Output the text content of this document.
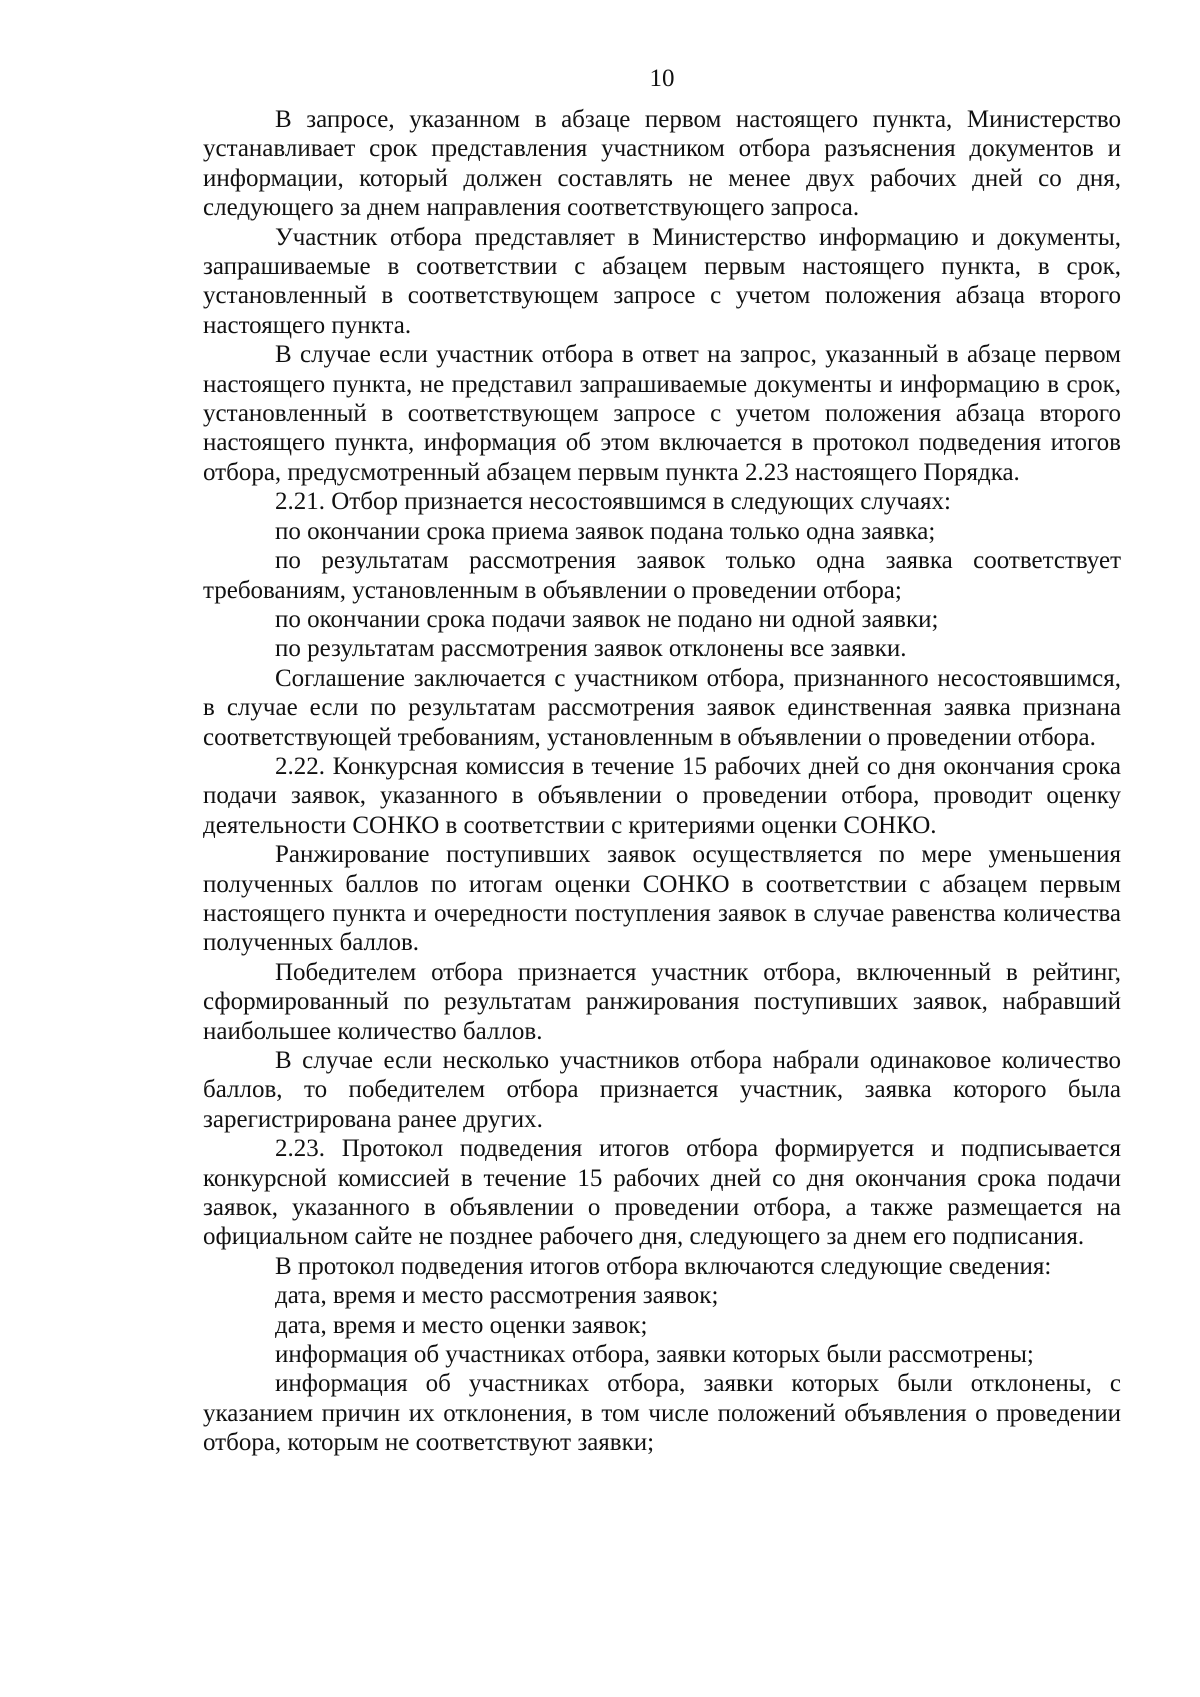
10

В запросе, указанном в абзаце первом настоящего пункта, Министерство устанавливает срок представления участником отбора разъяснения документов и информации, который должен составлять не менее двух рабочих дней со дня, следующего за днем направления соответствующего запроса.

Участник отбора представляет в Министерство информацию и документы, запрашиваемые в соответствии с абзацем первым настоящего пункта, в срок, установленный в соответствующем запросе с учетом положения абзаца второго настоящего пункта.

В случае если участник отбора в ответ на запрос, указанный в абзаце первом настоящего пункта, не представил запрашиваемые документы и информацию в срок, установленный в соответствующем запросе с учетом положения абзаца второго настоящего пункта, информация об этом включается в протокол подведения итогов отбора, предусмотренный абзацем первым пункта 2.23 настоящего Порядка.

2.21. Отбор признается несостоявшимся в следующих случаях:

по окончании срока приема заявок подана только одна заявка;

по результатам рассмотрения заявок только одна заявка соответствует требованиям, установленным в объявлении о проведении отбора;

по окончании срока подачи заявок не подано ни одной заявки;

по результатам рассмотрения заявок отклонены все заявки.

Соглашение заключается с участником отбора, признанного несостоявшимся, в случае если по результатам рассмотрения заявок единственная заявка признана соответствующей требованиям, установленным в объявлении о проведении отбора.

2.22. Конкурсная комиссия в течение 15 рабочих дней со дня окончания срока подачи заявок, указанного в объявлении о проведении отбора, проводит оценку деятельности СОНКО в соответствии с критериями оценки СОНКО.

Ранжирование поступивших заявок осуществляется по мере уменьшения полученных баллов по итогам оценки СОНКО в соответствии с абзацем первым настоящего пункта и очередности поступления заявок в случае равенства количества полученных баллов.

Победителем отбора признается участник отбора, включенный в рейтинг, сформированный по результатам ранжирования поступивших заявок, набравший наибольшее количество баллов.

В случае если несколько участников отбора набрали одинаковое количество баллов, то победителем отбора признается участник, заявка которого была зарегистрирована ранее других.

2.23. Протокол подведения итогов отбора формируется и подписывается конкурсной комиссией в течение 15 рабочих дней со дня окончания срока подачи заявок, указанного в объявлении о проведении отбора, а также размещается на официальном сайте не позднее рабочего дня, следующего за днем его подписания.

В протокол подведения итогов отбора включаются следующие сведения:

дата, время и место рассмотрения заявок;

дата, время и место оценки заявок;

информация об участниках отбора, заявки которых были рассмотрены;

информация об участниках отбора, заявки которых были отклонены, с указанием причин их отклонения, в том числе положений объявления о проведении отбора, которым не соответствуют заявки;
